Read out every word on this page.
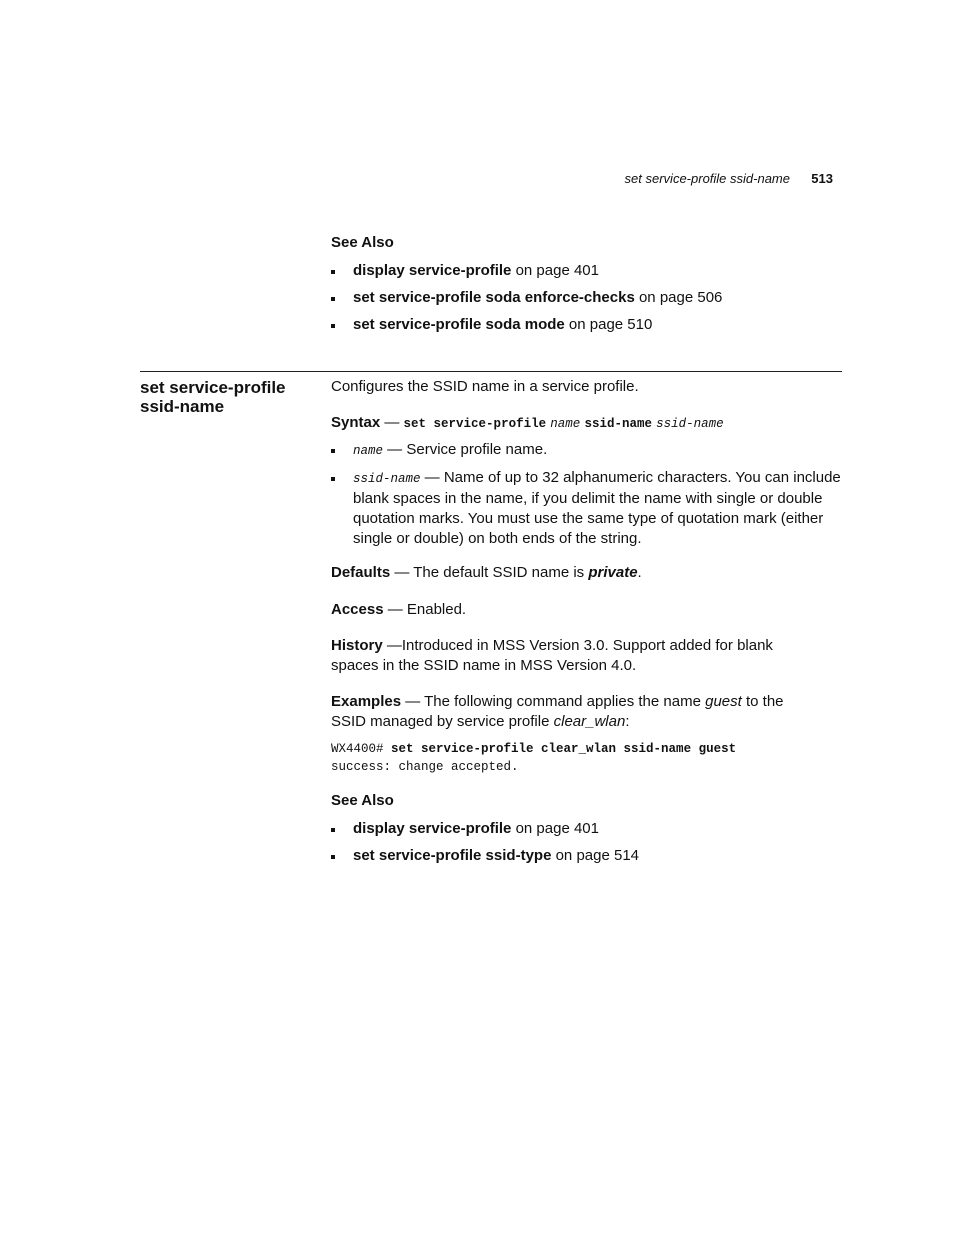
set service-profile ssid-name 513
See Also
display service-profile on page 401
set service-profile soda enforce-checks on page 506
set service-profile soda mode on page 510
set service-profile ssid-name
Configures the SSID name in a service profile.
Syntax — set service-profile name ssid-name ssid-name
name — Service profile name.
ssid-name — Name of up to 32 alphanumeric characters. You can include blank spaces in the name, if you delimit the name with single or double quotation marks. You must use the same type of quotation mark (either single or double) on both ends of the string.
Defaults — The default SSID name is private.
Access — Enabled.
History —Introduced in MSS Version 3.0. Support added for blank spaces in the SSID name in MSS Version 4.0.
Examples — The following command applies the name guest to the SSID managed by service profile clear_wlan:
WX4400# set service-profile clear_wlan ssid-name guest
success: change accepted.
See Also
display service-profile on page 401
set service-profile ssid-type on page 514
